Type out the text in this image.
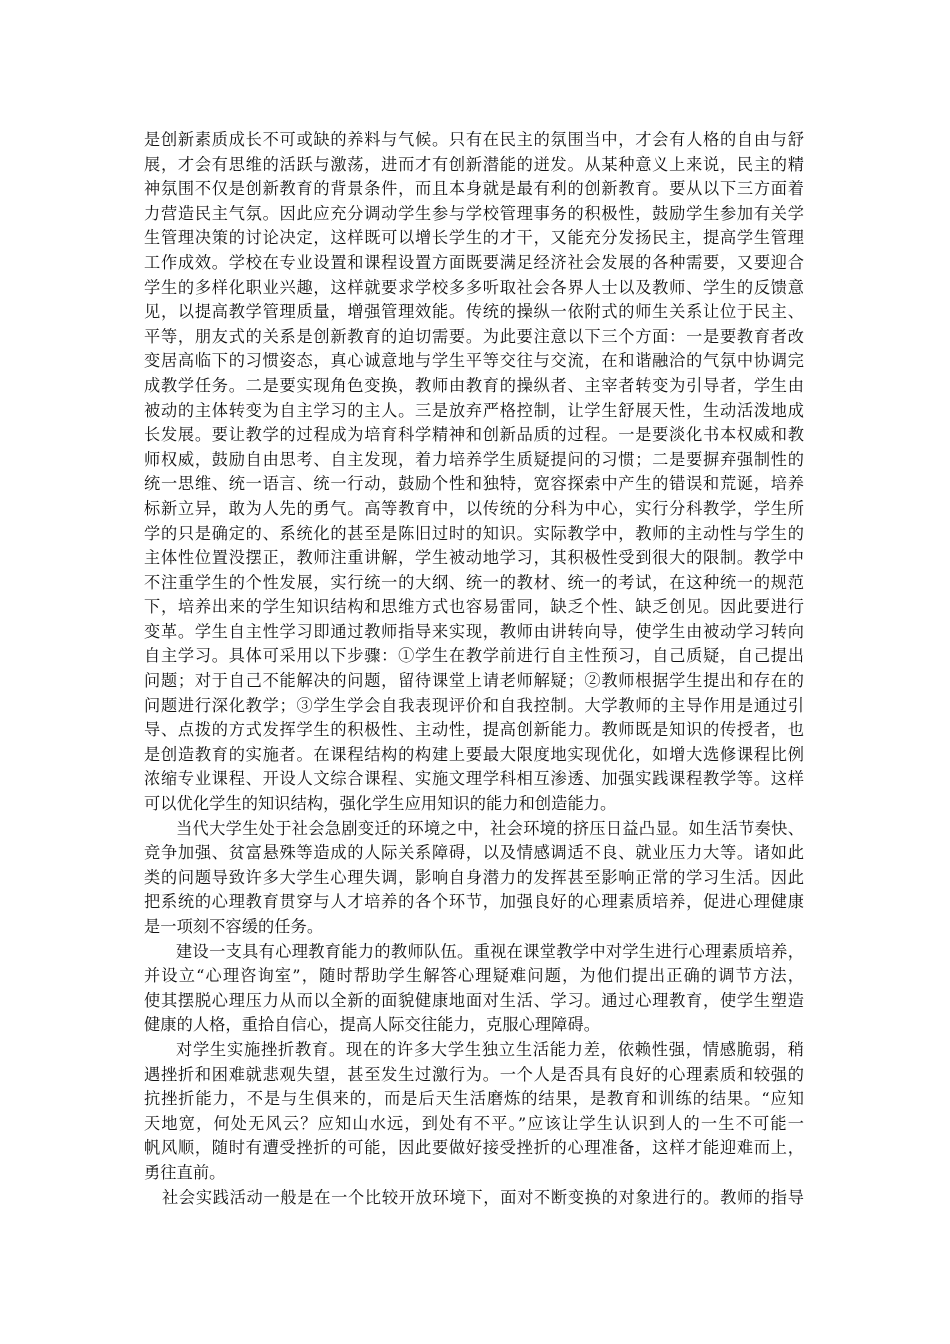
是创新素质成长不可或缺的养料与气候。只有在民主的氛围当中，才会有人格的自由与舒
展，才会有思维的活跃与激荡，进而才有创新潜能的迸发。从某种意义上来说，民主的精
神氛围不仅是创新教育的背景条件，而且本身就是最有利的创新教育。要从以下三方面着
力营造民主气氛。因此应充分调动学生参与学校管理事务的积极性，鼓励学生参加有关学
生管理决策的讨论决定，这样既可以增长学生的才干，又能充分发扬民主，提高学生管理
工作成效。学校在专业设置和课程设置方面既要满足经济社会发展的各种需要，又要迎合
学生的多样化职业兴趣，这样就要求学校多多听取社会各界人士以及教师、学生的反馈意
见，以提高教学管理质量，增强管理效能。传统的操纵一依附式的师生关系让位于民主、
平等，朋友式的关系是创新教育的迫切需要。为此要注意以下三个方面：一是要教育者改
变居高临下的习惯姿态，真心诚意地与学生平等交往与交流，在和谐融洽的气氛中协调完
成教学任务。二是要实现角色变换，教师由教育的操纵者、主宰者转变为引导者，学生由
被动的主体转变为自主学习的主人。三是放弃严格控制，让学生舒展天性，生动活泼地成
长发展。要让教学的过程成为培育科学精神和创新品质的过程。一是要淡化书本权威和教
师权威，鼓励自由思考、自主发现，着力培养学生质疑提问的习惯；二是要摒弃强制性的
统一思维、统一语言、统一行动，鼓励个性和独特，宽容探索中产生的错误和荒诞，培养
标新立异，敢为人先的勇气。高等教育中，以传统的分科为中心，实行分科教学，学生所
学的只是确定的、系统化的甚至是陈旧过时的知识。实际教学中，教师的主动性与学生的
主体性位置没摆正，教师注重讲解，学生被动地学习，其积极性受到很大的限制。教学中
不注重学生的个性发展，实行统一的大纲、统一的教材、统一的考试，在这种统一的规范
下，培养出来的学生知识结构和思维方式也容易雷同，缺乏个性、缺乏创见。因此要进行
变革。学生自主性学习即通过教师指导来实现，教师由讲转向导，使学生由被动学习转向
自主学习。具体可采用以下步骤：①学生在教学前进行自主性预习，自己质疑，自己提出
问题；对于自己不能解决的问题，留待课堂上请老师解疑；②教师根据学生提出和存在的
问题进行深化教学；③学生学会自我表现评价和自我控制。大学教师的主导作用是通过引
导、点拨的方式发挥学生的积极性、主动性，提高创新能力。教师既是知识的传授者，也
是创造教育的实施者。在课程结构的构建上要最大限度地实现优化，如增大选修课程比例
浓缩专业课程、开设人文综合课程、实施文理学科相互渗透、加强实践课程教学等。这样
可以优化学生的知识结构，强化学生应用知识的能力和创造能力。
当代大学生处于社会急剧变迁的环境之中，社会环境的挤压日益凸显。如生活节奏快、
竞争加强、贫富悬殊等造成的人际关系障碍，以及情感调适不良、就业压力大等。诸如此
类的问题导致许多大学生心理失调，影响自身潜力的发挥甚至影响正常的学习生活。因此
把系统的心理教育贯穿与人才培养的各个环节，加强良好的心理素质培养，促进心理健康
是一项刻不容缓的任务。
建设一支具有心理教育能力的教师队伍。重视在课堂教学中对学生进行心理素质培养，
并设立“心理咨询室”，随时帮助学生解答心理疑难问题，为他们提出正确的调节方法，
使其摆脱心理压力从而以全新的面貌健康地面对生活、学习。通过心理教育，使学生塑造
健康的人格，重拾自信心，提高人际交往能力，克服心理障碍。
对学生实施挫折教育。现在的许多大学生独立生活能力差，依赖性强，情感脆弱，稍
遇挫折和困难就悲观失望，甚至发生过激行为。一个人是否具有良好的心理素质和较强的
抗挫折能力，不是与生俱来的，而是后天生活磨炼的结果，是教育和训练的结果。“应知
天地宽，何处无风云？应知山水远，到处有不平。”应该让学生认识到人的一生不可能一
帆风顺，随时有遭受挫折的可能，因此要做好接受挫折的心理准备，这样才能迎难而上，
勇往直前。
社会实践活动一般是在一个比较开放环境下，面对不断变换的对象进行的。教师的指导
